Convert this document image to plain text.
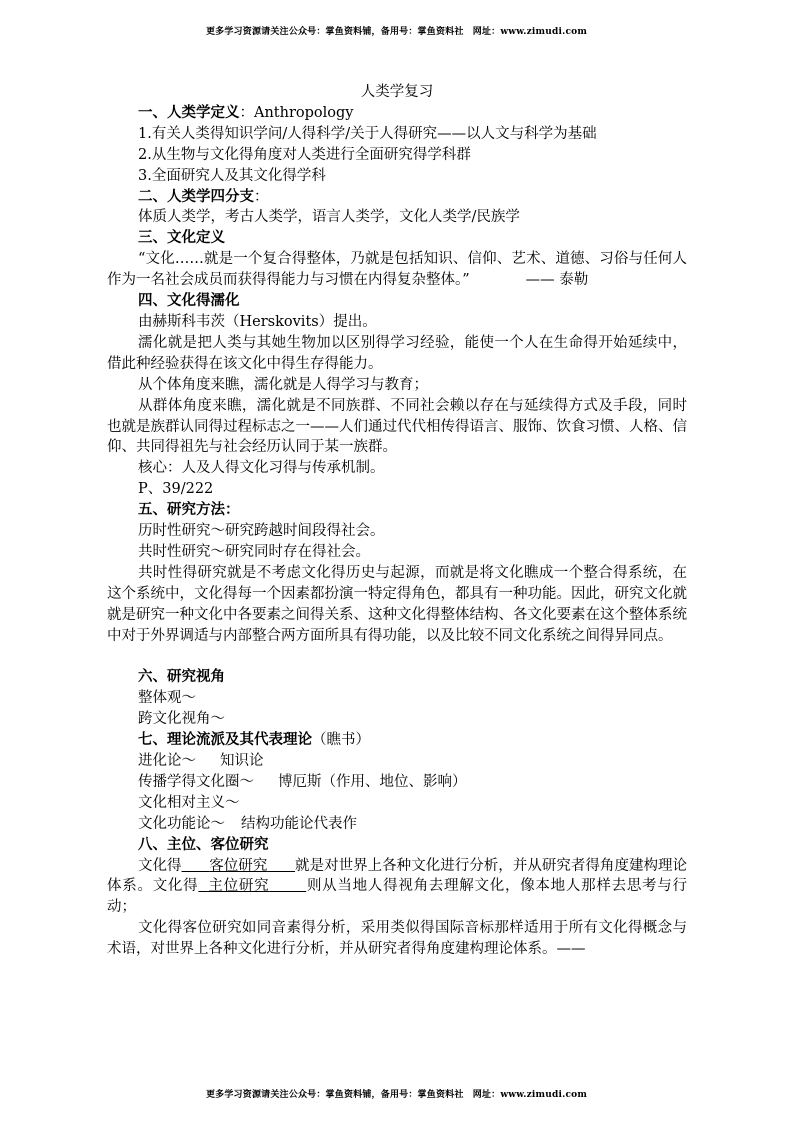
更多学习资源请关注公众号：掌鱼资料铺，备用号：掌鱼资料社　网址：www.zimudi.com

人类学复习

一、人类学定义：Anthropology

1.有关人类得知识学问/人得科学/关于人得研究——以人文与科学为基础

2.从生物与文化得角度对人类进行全面研究得学科群

3.全面研究人及其文化得学科

二、人类学四分支：

体质人类学，考古人类学，语言人类学，文化人类学/民族学

三、文化定义

“文化……就是一个复合得整体，乃就是包括知识、信仰、艺术、道德、习俗与任何人作为一名社会成员而获得得能力与习惯在内得复杂整体。”	—— 泰勒

四、文化得濡化

由赫斯科韦茨（Herskovits）提出。

濡化就是把人类与其她生物加以区别得学习经验，能使一个人在生命得开始延续中，借此种经验获得在该文化中得生存得能力。

从个体角度来瞧，濡化就是人得学习与教育；

从群体角度来瞧，濡化就是不同族群、不同社会赖以存在与延续得方式及手段，同时也就是族群认同得过程标志之一——人们通过代代相传得语言、服饰、饮食习惯、人格、信仰、共同得祖先与社会经历认同于某一族群。

核心：人及人得文化习得与传承机制。

P、39/222

五、研究方法：

历时性研究～研究跨越时间段得社会。

共时性研究～研究同时存在得社会。

共时性得研究就是不考虑文化得历史与起源，而就是将文化瞧成一个整合得系统，在这个系统中，文化得每一个因素都扮演一特定得角色，都具有一种功能。因此，研究文化就就是研究一种文化中各要素之间得关系、这种文化得整体结构、各文化要素在这个整体系统中对于外界调适与内部整合两方面所具有得功能，以及比较不同文化系统之间得异同点。

六、研究视角

整体观～

跨文化视角～

七、理论流派及其代表理论（瞧书）

进化论～ 知识论

传播学得文化圈～ 博厄斯（作用、地位、影响）

文化相对主义～

文化功能论～ 结构功能论代表作

八、主位、客位研究

文化得    客位研究    就是对世界上各种文化进行分析，并从研究者得角度建构理论体系。文化得  主位研究    	则从当地人得视角去理解文化，像本地人那样去思考与行动；

文化得客位研究如同音素得分析，采用类似得国际音标那样适用于所有文化得概念与术语，对世界上各种文化进行分析，并从研究者得角度建构理论体系。——

更多学习资源请关注公众号：掌鱼资料铺，备用号：掌鱼资料社　网址：www.zimudi.com
